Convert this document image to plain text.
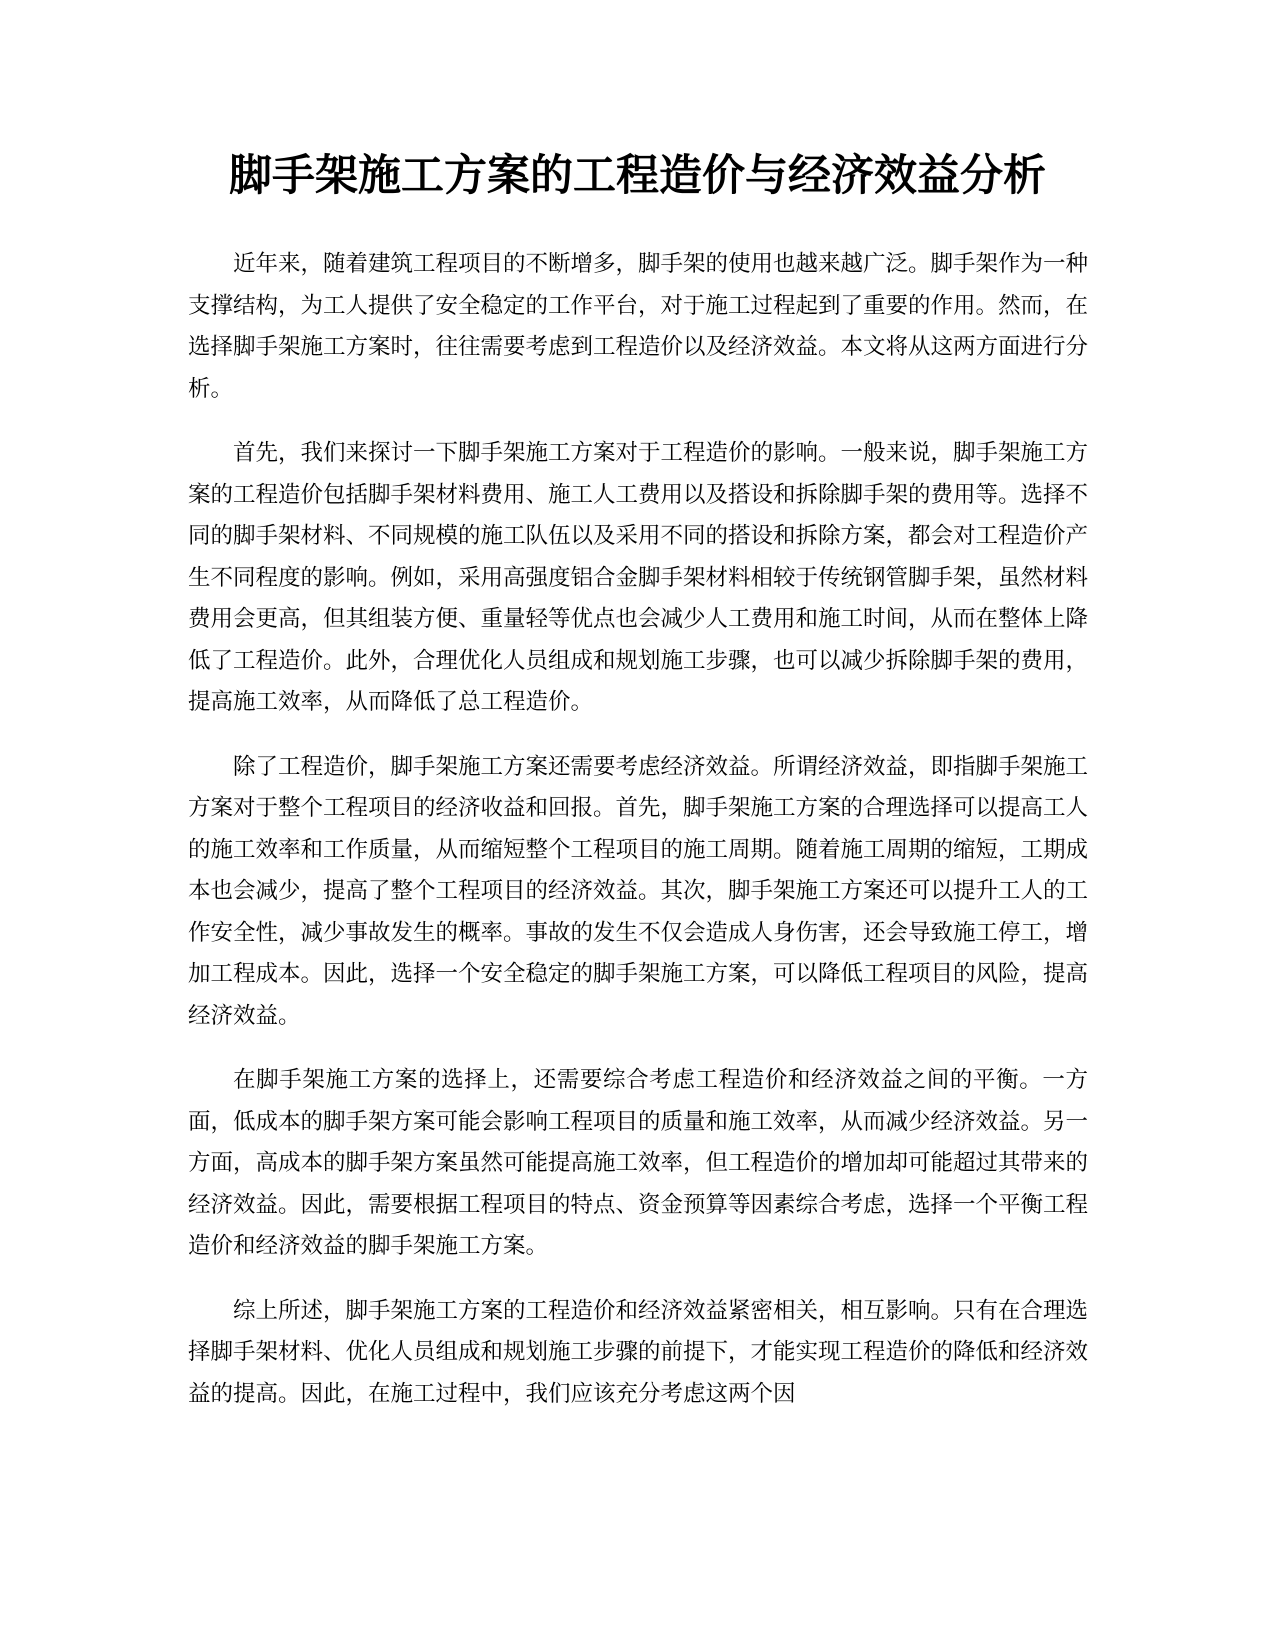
脚手架施工方案的工程造价与经济效益分析

近年来，随着建筑工程项目的不断增多，脚手架的使用也越来越广泛。脚手架作为一种支撑结构，为工人提供了安全稳定的工作平台，对于施工过程起到了重要的作用。然而，在选择脚手架施工方案时，往往需要考虑到工程造价以及经济效益。本文将从这两方面进行分析。

首先，我们来探讨一下脚手架施工方案对于工程造价的影响。一般来说，脚手架施工方案的工程造价包括脚手架材料费用、施工人工费用以及搭设和拆除脚手架的费用等。选择不同的脚手架材料、不同规模的施工队伍以及采用不同的搭设和拆除方案，都会对工程造价产生不同程度的影响。例如，采用高强度铝合金脚手架材料相较于传统钢管脚手架，虽然材料费用会更高，但其组装方便、重量轻等优点也会减少人工费用和施工时间，从而在整体上降低了工程造价。此外，合理优化人员组成和规划施工步骤，也可以减少拆除脚手架的费用，提高施工效率，从而降低了总工程造价。

除了工程造价，脚手架施工方案还需要考虑经济效益。所谓经济效益，即指脚手架施工方案对于整个工程项目的经济收益和回报。首先，脚手架施工方案的合理选择可以提高工人的施工效率和工作质量，从而缩短整个工程项目的施工周期。随着施工周期的缩短，工期成本也会减少，提高了整个工程项目的经济效益。其次，脚手架施工方案还可以提升工人的工作安全性，减少事故发生的概率。事故的发生不仅会造成人身伤害，还会导致施工停工，增加工程成本。因此，选择一个安全稳定的脚手架施工方案，可以降低工程项目的风险，提高经济效益。

在脚手架施工方案的选择上，还需要综合考虑工程造价和经济效益之间的平衡。一方面，低成本的脚手架方案可能会影响工程项目的质量和施工效率，从而减少经济效益。另一方面，高成本的脚手架方案虽然可能提高施工效率，但工程造价的增加却可能超过其带来的经济效益。因此，需要根据工程项目的特点、资金预算等因素综合考虑，选择一个平衡工程造价和经济效益的脚手架施工方案。

综上所述，脚手架施工方案的工程造价和经济效益紧密相关，相互影响。只有在合理选择脚手架材料、优化人员组成和规划施工步骤的前提下，才能实现工程造价的降低和经济效益的提高。因此，在施工过程中，我们应该充分考虑这两个因
